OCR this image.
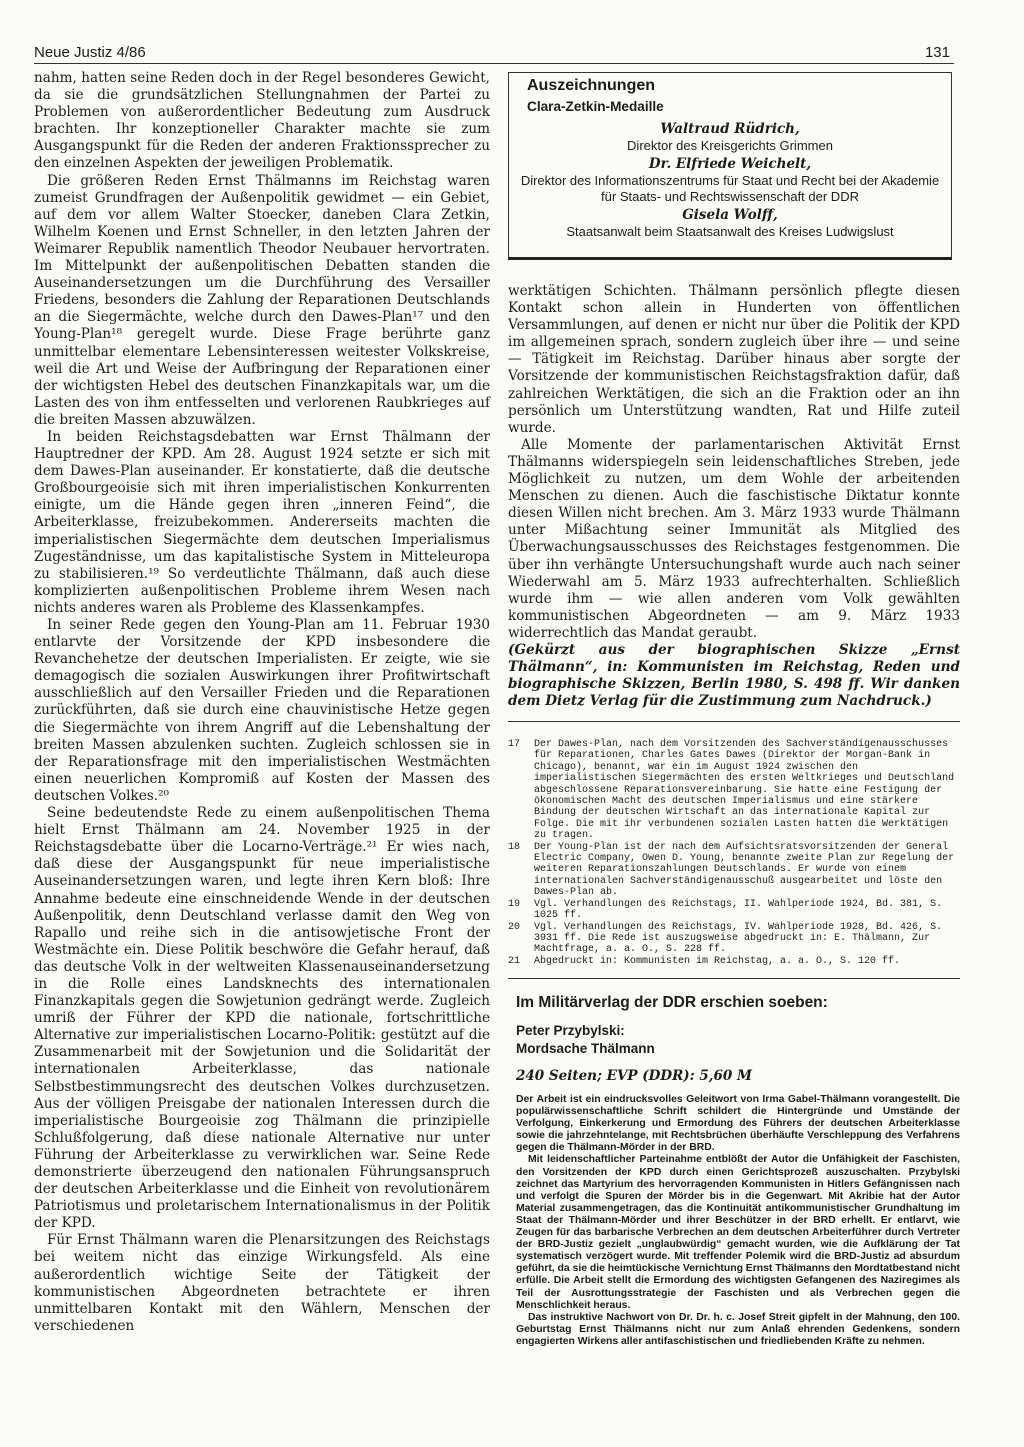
Neue Justiz 4/86	131

nahm, hatten seine Reden doch in der Regel besonderes Gewicht, da sie die grundsätzlichen Stellungnahmen der Partei zu Problemen von außerordentlicher Bedeutung zum Ausdruck brachten. Ihr konzeptioneller Charakter machte sie zum Ausgangspunkt für die Reden der anderen Fraktionssprecher zu den einzelnen Aspekten der jeweiligen Problematik.

Die größeren Reden Ernst Thälmanns im Reichstag waren zumeist Grundfragen der Außenpolitik gewidmet — ein Gebiet, auf dem vor allem Walter Stoecker, daneben Clara Zetkin, Wilhelm Koenen und Ernst Schneller, in den letzten Jahren der Weimarer Republik namentlich Theodor Neubauer hervortraten. Im Mittelpunkt der außenpolitischen Debatten standen die Auseinandersetzungen um die Durchführung des Versailler Friedens, besonders die Zahlung der Reparationen Deutschlands an die Siegermächte, welche durch den Dawes-Plan¹⁷ und den Young-Plan¹⁸ geregelt wurde. Diese Frage berührte ganz unmittelbar elementare Lebensinteressen weitester Volkskreise, weil die Art und Weise der Aufbringung der Reparationen einer der wichtigsten Hebel des deutschen Finanzkapitals war, um die Lasten des von ihm entfesselten und verlorenen Raubkrieges auf die breiten Massen abzuwälzen.

In beiden Reichstagsdebatten war Ernst Thälmann der Hauptredner der KPD. Am 28. August 1924 setzte er sich mit dem Dawes-Plan auseinander. Er konstatierte, daß die deutsche Großbourgeoisie sich mit ihren imperialistischen Konkurrenten einigte, um die Hände gegen ihren „inneren Feind“, die Arbeiterklasse, freizubekommen. Andererseits machten die imperialistischen Siegermächte dem deutschen Imperialismus Zugeständnisse, um das kapitalistische System in Mitteleuropa zu stabilisieren.¹⁹ So verdeutlichte Thälmann, daß auch diese komplizierten außenpolitischen Probleme ihrem Wesen nach nichts anderes waren als Probleme des Klassenkampfes.

In seiner Rede gegen den Young-Plan am 11. Februar 1930 entlarvte der Vorsitzende der KPD insbesondere die Revanchehetze der deutschen Imperialisten. Er zeigte, wie sie demagogisch die sozialen Auswirkungen ihrer Profitwirtschaft ausschließlich auf den Versailler Frieden und die Reparationen zurückführten, daß sie durch eine chauvinistische Hetze gegen die Siegermächte von ihrem Angriff auf die Lebenshaltung der breiten Massen abzulenken suchten. Zugleich schlossen sie in der Reparationsfrage mit den imperialistischen Westmächten einen neuerlichen Kompromiß auf Kosten der Massen des deutschen Volkes.²⁰

Seine bedeutendste Rede zu einem außenpolitischen Thema hielt Ernst Thälmann am 24. November 1925 in der Reichstagsdebatte über die Locarno-Verträge.²¹ Er wies nach, daß diese der Ausgangspunkt für neue imperialistische Auseinandersetzungen waren, und legte ihren Kern bloß: Ihre Annahme bedeute eine einschneidende Wende in der deutschen Außenpolitik, denn Deutschland verlasse damit den Weg von Rapallo und reihe sich in die antisowjetische Front der Westmächte ein. Diese Politik beschwöre die Gefahr herauf, daß das deutsche Volk in der weltweiten Klassenauseinandersetzung in die Rolle eines Landsknechts des internationalen Finanzkapitals gegen die Sowjetunion gedrängt werde. Zugleich umriß der Führer der KPD die nationale, fortschrittliche Alternative zur imperialistischen Locarno-Politik: gestützt auf die Zusammenarbeit mit der Sowjetunion und die Solidarität der internationalen Arbeiterklasse, das nationale Selbstbestimmungsrecht des deutschen Volkes durchzusetzen. Aus der völligen Preisgabe der nationalen Interessen durch die imperialistische Bourgeoisie zog Thälmann die prinzipielle Schlußfolgerung, daß diese nationale Alternative nur unter Führung der Arbeiterklasse zu verwirklichen war. Seine Rede demonstrierte überzeugend den nationalen Führungsanspruch der deutschen Arbeiterklasse und die Einheit von revolutionärem Patriotismus und proletarischem Internationalismus in der Politik der KPD.

Für Ernst Thälmann waren die Plenarsitzungen des Reichstags bei weitem nicht das einzige Wirkungsfeld. Als eine außerordentlich wichtige Seite der Tätigkeit der kommunistischen Abgeordneten betrachtete er ihren unmittelbaren Kontakt mit den Wählern, Menschen der verschiedenen

Auszeichnungen
Clara-Zetkin-Medaille
Waltraud Rüdrich,
Direktor des Kreisgerichts Grimmen
Dr. Elfriede Weichelt,
Direktor des Informationszentrums für Staat und Recht bei der Akademie für Staats- und Rechtswissenschaft der DDR
Gisela Wolff,
Staatsanwalt beim Staatsanwalt des Kreises Ludwigslust

werktätigen Schichten. Thälmann persönlich pflegte diesen Kontakt schon allein in Hunderten von öffentlichen Versammlungen, auf denen er nicht nur über die Politik der KPD im allgemeinen sprach, sondern zugleich über ihre — und seine — Tätigkeit im Reichstag. Darüber hinaus aber sorgte der Vorsitzende der kommunistischen Reichstagsfraktion dafür, daß zahlreichen Werktätigen, die sich an die Fraktion oder an ihn persönlich um Unterstützung wandten, Rat und Hilfe zuteil wurde.

Alle Momente der parlamentarischen Aktivität Ernst Thälmanns widerspiegeln sein leidenschaftliches Streben, jede Möglichkeit zu nutzen, um dem Wohle der arbeitenden Menschen zu dienen. Auch die faschistische Diktatur konnte diesen Willen nicht brechen. Am 3. März 1933 wurde Thälmann unter Mißachtung seiner Immunität als Mitglied des Überwachungsausschusses des Reichstages festgenommen. Die über ihn verhängte Untersuchungshaft wurde auch nach seiner Wiederwahl am 5. März 1933 aufrechterhalten. Schließlich wurde ihm — wie allen anderen vom Volk gewählten kommunistischen Abgeordneten — am 9. März 1933 widerrechtlich das Mandat geraubt.

(Gekürzt aus der biographischen Skizze „Ernst Thälmann“, in: Kommunisten im Reichstag, Reden und biographische Skizzen, Berlin 1980, S. 498 ff. Wir danken dem Dietz Verlag für die Zustimmung zum Nachdruck.)

17	Der Dawes-Plan, nach dem Vorsitzenden des Sachverständigenausschusses für Reparationen, Charles Gates Dawes (Direktor der Morgan-Bank in Chicago), benannt, war ein im August 1924 zwischen den imperialistischen Siegermächten des ersten Weltkrieges und Deutschland abgeschlossene Reparationsvereinbarung. Sie hatte eine Festigung der ökonomischen Macht des deutschen Imperialismus und eine stärkere Bindung der deutschen Wirtschaft an das internationale Kapital zur Folge. Die mit ihr verbundenen sozialen Lasten hatten die Werktätigen zu tragen.
18	Der Young-Plan ist der nach dem Aufsichtsratsvorsitzenden der General Electric Company, Owen D. Young, benannte zweite Plan zur Regelung der weiteren Reparationszahlungen Deutschlands. Er wurde von einem internationalen Sachverständigenausschuß ausgearbeitet und löste den Dawes-Plan ab.
19	Vgl. Verhandlungen des Reichstags, II. Wahlperiode 1924, Bd. 381, S. 1025 ff.
20	Vgl. Verhandlungen des Reichstags, IV. Wahlperiode 1928, Bd. 426, S. 3931 ff. Die Rede ist auszugsweise abgedruckt in: E. Thälmann, Zur Machtfrage, a. a. O., S. 228 ff.
21	Abgedruckt in: Kommunisten im Reichstag, a. a. O., S. 120 ff.
Im Militärverlag der DDR erschien soeben:
Peter Przybylski:
Mordsache Thälmann
240 Seiten; EVP (DDR): 5,60 M

Der Arbeit ist ein eindrucksvolles Geleitwort von Irma Gabel-Thälmann vorangestellt. Die populärwissenschaftliche Schrift schildert die Hintergründe und Umstände der Verfolgung, Einkerkerung und Ermordung des Führers der deutschen Arbeiterklasse sowie die jahrzehntelange, mit Rechtsbrüchen überhäufte Verschleppung des Verfahrens gegen die Thälmann-Mörder in der BRD.

Mit leidenschaftlicher Parteinahme entblößt der Autor die Unfähigkeit der Faschisten, den Vorsitzenden der KPD durch einen Gerichtsprozeß auszuschalten. Przybylski zeichnet das Martyrium des hervorragenden Kommunisten in Hitlers Gefängnissen nach und verfolgt die Spuren der Mörder bis in die Gegenwart. Mit Akribie hat der Autor Material zusammengetragen, das die Kontinuität antikommunistischer Grundhaltung im Staat der Thälmann-Mörder und ihrer Beschützer in der BRD erhellt. Er entlarvt, wie Zeugen für das barbarische Verbrechen an dem deutschen Arbeiterführer durch Vertreter der BRD-Justiz gezielt „unglaubwürdig“ gemacht wurden, wie die Aufklärung der Tat systematisch verzögert wurde. Mit treffender Polemik wird die BRD-Justiz ad absurdum geführt, da sie die heimtückische Vernichtung Ernst Thälmanns den Mordtatbestand nicht erfülle. Die Arbeit stellt die Ermordung des wichtigsten Gefangenen des Naziregimes als Teil der Ausrottungsstrategie der Faschisten und als Verbrechen gegen die Menschlichkeit heraus.

Das instruktive Nachwort von Dr. Dr. h. c. Josef Streit gipfelt in der Mahnung, den 100. Geburtstag Ernst Thälmanns nicht nur zum Anlaß ehrenden Gedenkens, sondern engagierten Wirkens aller antifaschistischen und friedliebenden Kräfte zu nehmen.
